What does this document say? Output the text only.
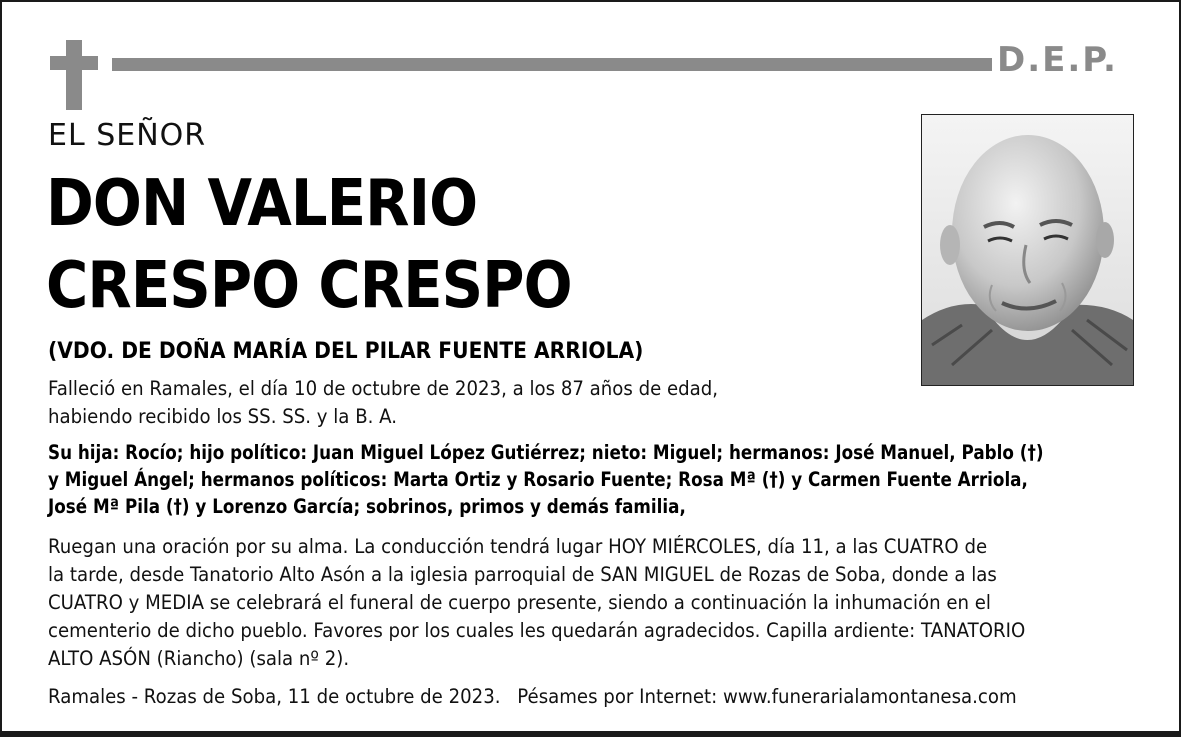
D.E.P.
EL SEÑOR
DON VALERIO
CRESPO CRESPO
(VDO. DE DOÑA MARÍA DEL PILAR FUENTE ARRIOLA)

Falleció en Ramales, el día 10 de octubre de 2023, a los 87 años de edad,
habiendo recibido los SS. SS. y la B. A.

Su hija: Rocío; hijo político: Juan Miguel López Gutiérrez; nieto: Miguel; hermanos: José Manuel, Pablo (†)
y Miguel Ángel; hermanos políticos: Marta Ortiz y Rosario Fuente; Rosa Mª (†) y Carmen Fuente Arriola,
José Mª Pila (†) y Lorenzo García; sobrinos, primos y demás familia,

Ruegan una oración por su alma. La conducción tendrá lugar HOY MIÉRCOLES, día 11, a las CUATRO de
la tarde, desde Tanatorio Alto Asón a la iglesia parroquial de SAN MIGUEL de Rozas de Soba, donde a las
CUATRO y MEDIA se celebrará el funeral de cuerpo presente, siendo a continuación la inhumación en el
cementerio de dicho pueblo. Favores por los cuales les quedarán agradecidos. Capilla ardiente: TANATORIO
ALTO ASÓN (Riancho) (sala nº 2).

Ramales - Rozas de Soba, 11 de octubre de 2023. Pésames por Internet: www.funerarialamontanesa.com
